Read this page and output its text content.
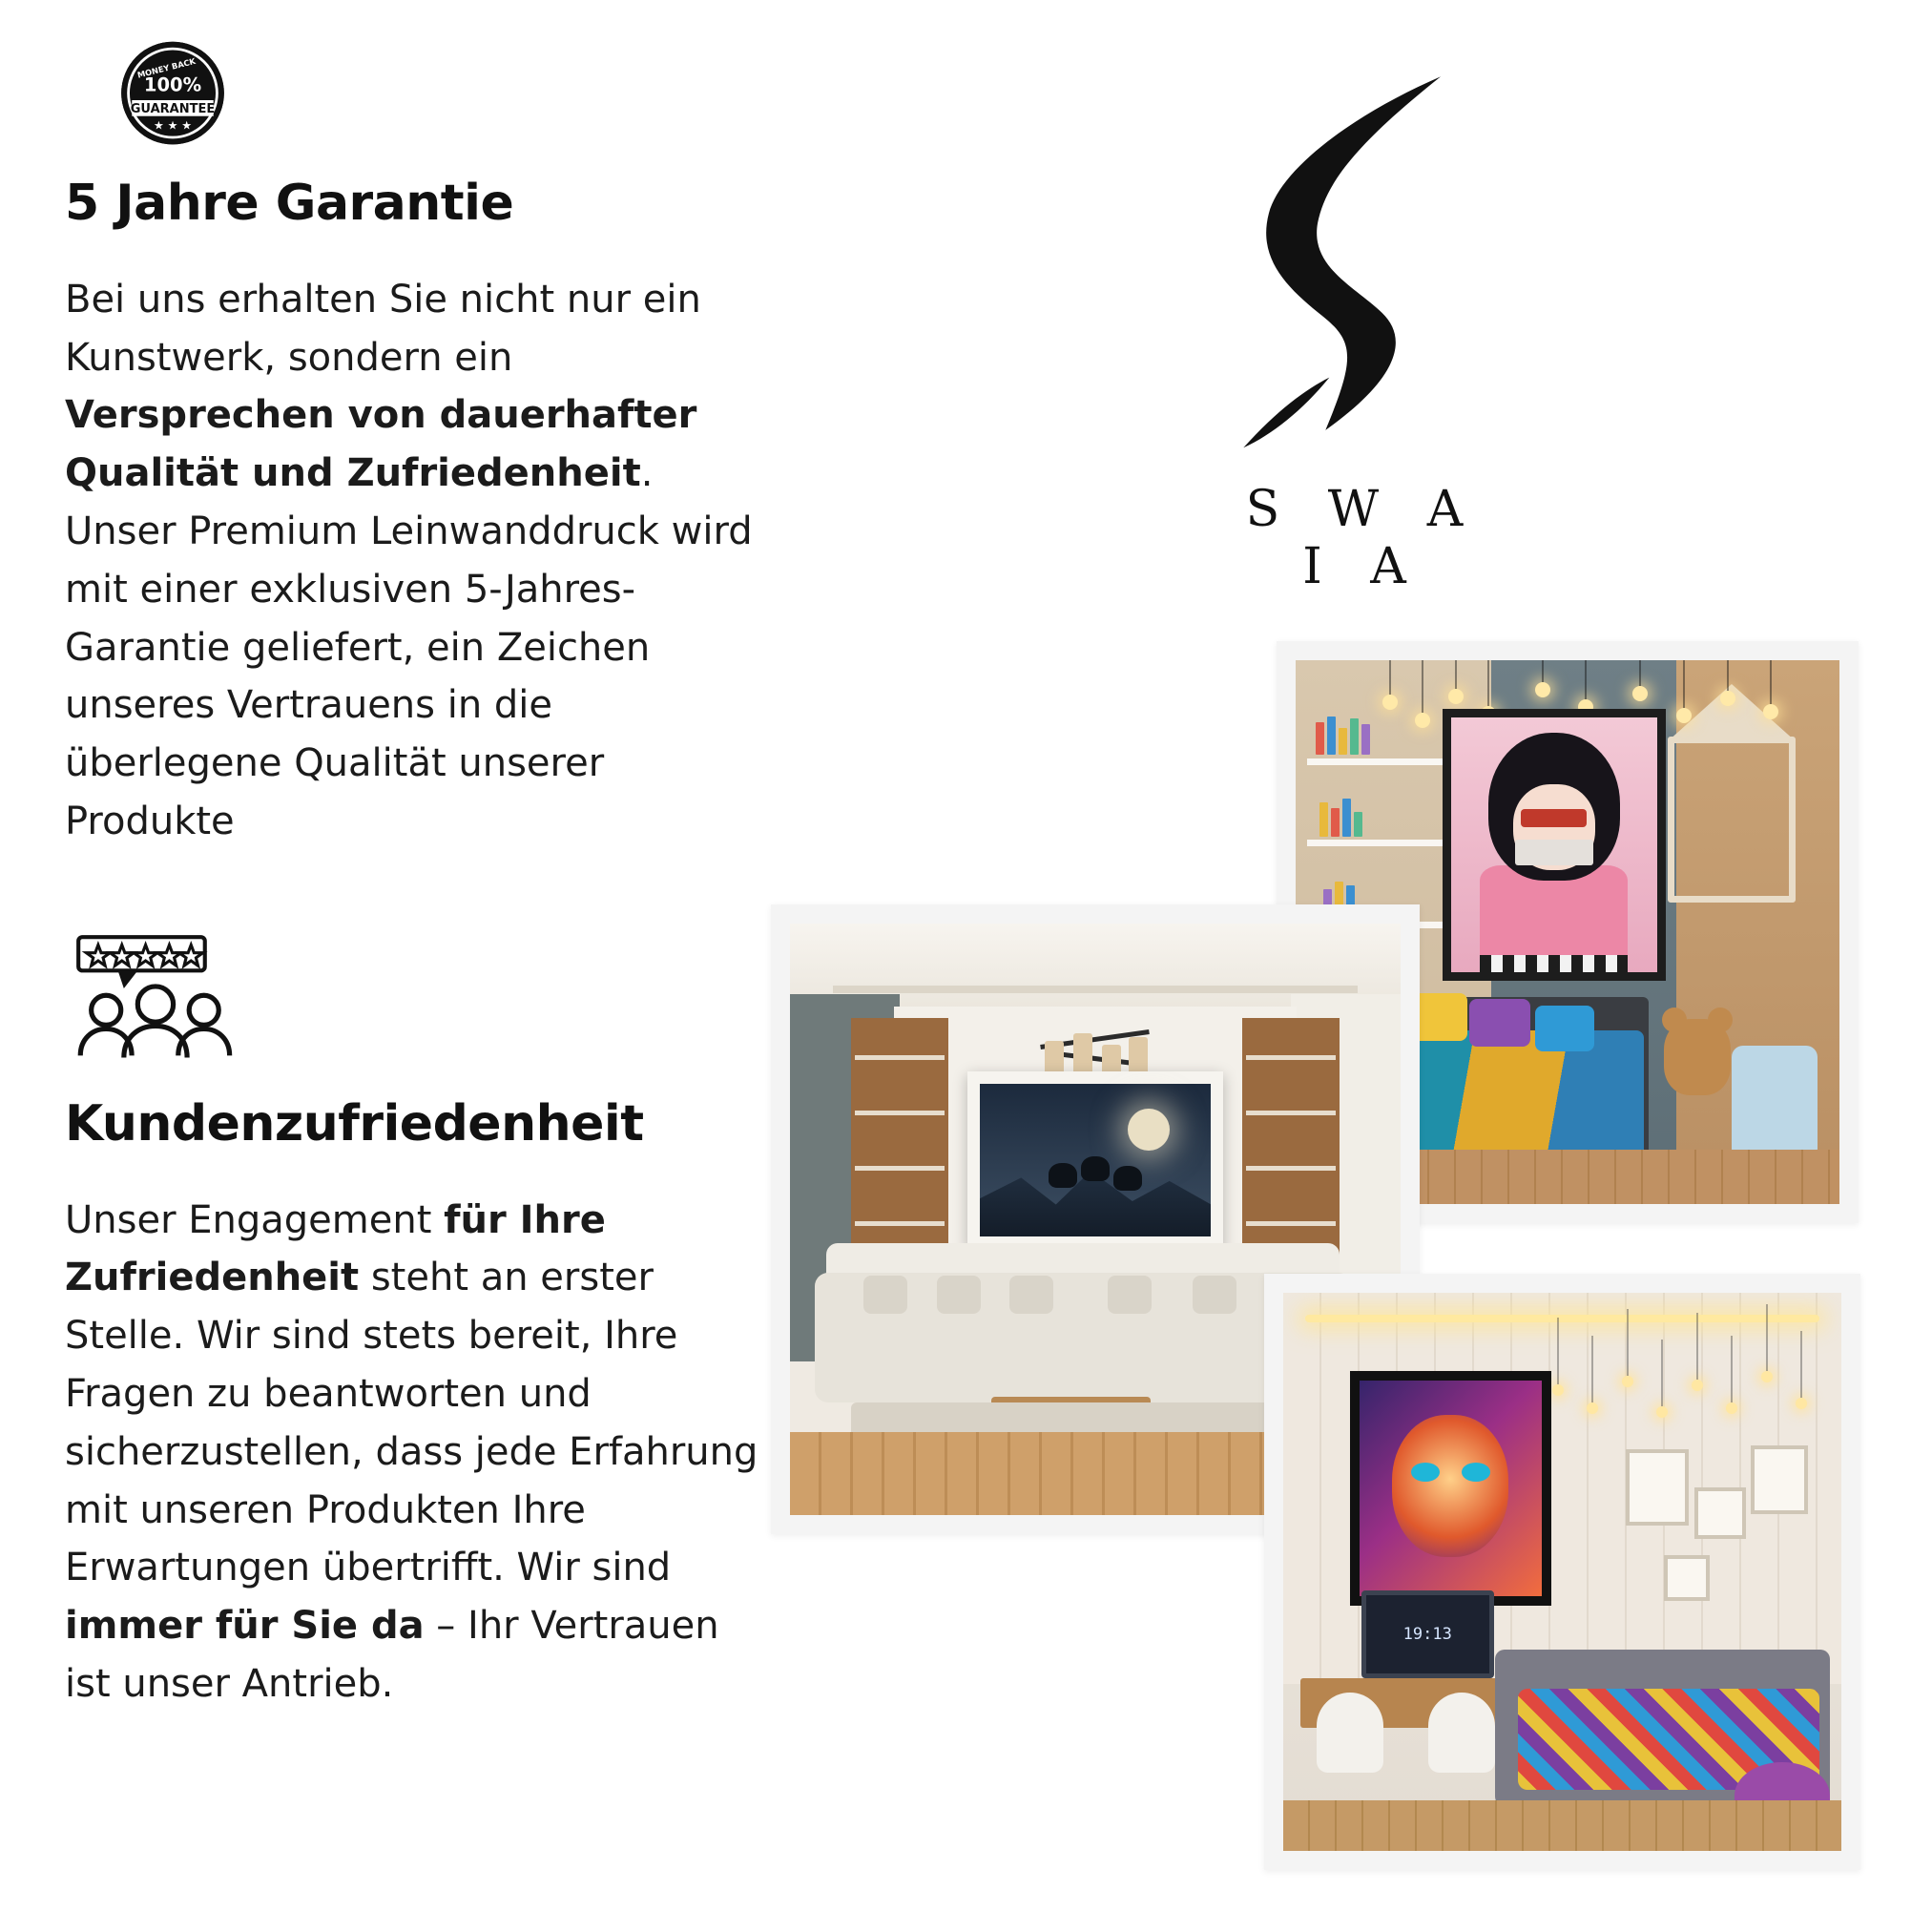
MONEY BACK
100%
GUARANTEE
★ ★ ★
5 Jahre Garantie

Bei uns erhalten Sie nicht nur ein Kunstwerk, sondern ein Versprechen von dauerhafter Qualität und Zufriedenheit. Unser Premium Leinwanddruck wird mit einer exklusiven 5-Jahres-Garantie geliefert, ein Zeichen unseres Vertrauens in die überlegene Qualität unserer Produkte

Kundenzufriedenheit

Unser Engagement für Ihre Zufriedenheit steht an erster Stelle. Wir sind stets bereit, Ihre Fragen zu beantworten und sicherzustellen, dass jede Erfahrung mit unseren Produkten Ihre Erwartungen übertrifft. Wir sind immer für Sie da – Ihr Vertrauen ist unser Antrieb.

S W A I A
19:13
